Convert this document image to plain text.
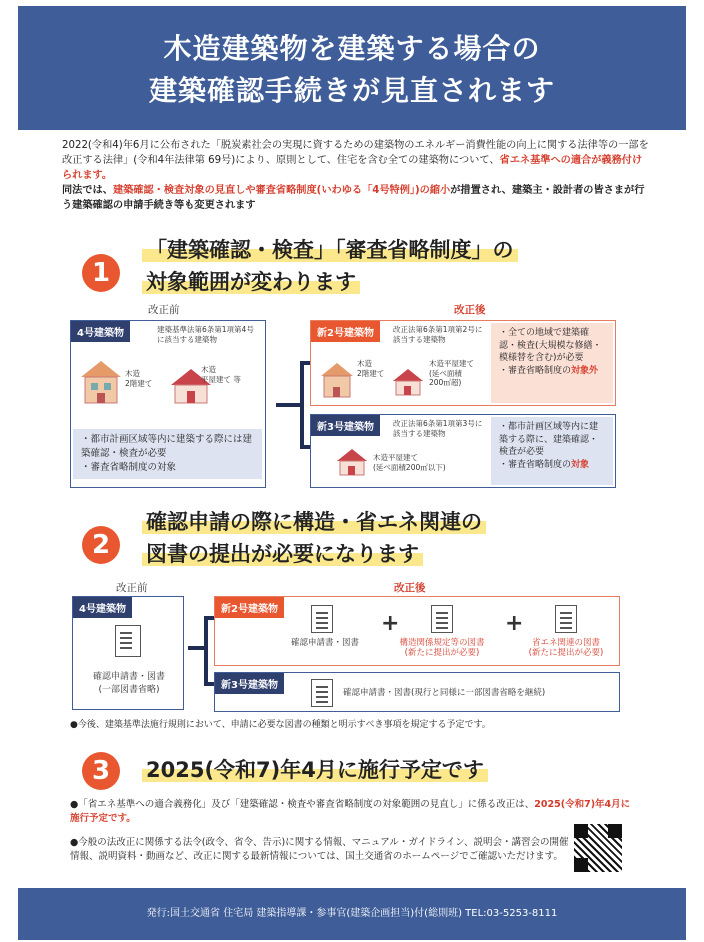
木造建築物を建築する場合の
建築確認手続きが見直されます

2022(令和4)年6月に公布された「脱炭素社会の実現に資するための建築物のエネルギー消費性能の向上に関する法律等の一部を改正する法律」(令和4年法律第 69号)により、原則として、住宅を含む全ての建築物について、省エネ基準への適合が義務付けられます。

同法では、建築確認・検査対象の見直しや審査省略制度(いわゆる「4号特例」)の縮小が措置され、建築主・設計者の皆さまが行う建築確認の申請手続き等も変更されます

1
「建築確認・検査」「審査省略制度」の
対象範囲が変わります
改正前	改正後
4号建築物	建築基準法第6条第1項第4号に該当する建築物
木造
2階建て
木造
平屋建て 等
・都市計画区域等内に建築する際には建築確認・検査が必要
・審査省略制度の対象
新2号建築物	改正法第6条第1項第2号に該当する建築物
木造
2階建て
木造平屋建て
(延べ面積
200㎡超)
・全ての地域で建築確認・検査(大規模な修繕・模様替を含む)が必要
・審査省略制度の対象外
新3号建築物	改正法第6条第1項第3号に該当する建築物
木造平屋建て
(延べ面積200㎡以下)
・都市計画区域等内に建築する際に、建築確認・検査が必要
・審査省略制度の対象
2
確認申請の際に構造・省エネ関連の
図書の提出が必要になります
改正前	改正後
4号建築物
確認申請書・図書
(一部図書省略)
新2号建築物
確認申請書・図書
+
構造関係規定等の図書
(新たに提出が必要)
+
省エネ関連の図書
(新たに提出が必要)
新3号建築物
確認申請書・図書(現行と同様に一部図書省略を継続)
●今後、建築基準法施行規則において、申請に必要な図書の種類と明示すべき事項を規定する予定です。
3	2025(令和7)年4月に施行予定です
●「省エネ基準への適合義務化」及び「建築確認・検査や審査省略制度の対象範囲の見直し」に係る改正は、2025(令和7)年4月に施行予定です。
●今般の法改正に関係する法令(政令、省令、告示)に関する情報、マニュアル・ガイドライン、説明会・講習会の開催情報、説明資料・動画など、改正に関する最新情報については、国土交通省のホームページでご確認いただけます。
発行:国土交通省 住宅局 建築指導課・参事官(建築企画担当)付(総則班) TEL:03-5253-8111
